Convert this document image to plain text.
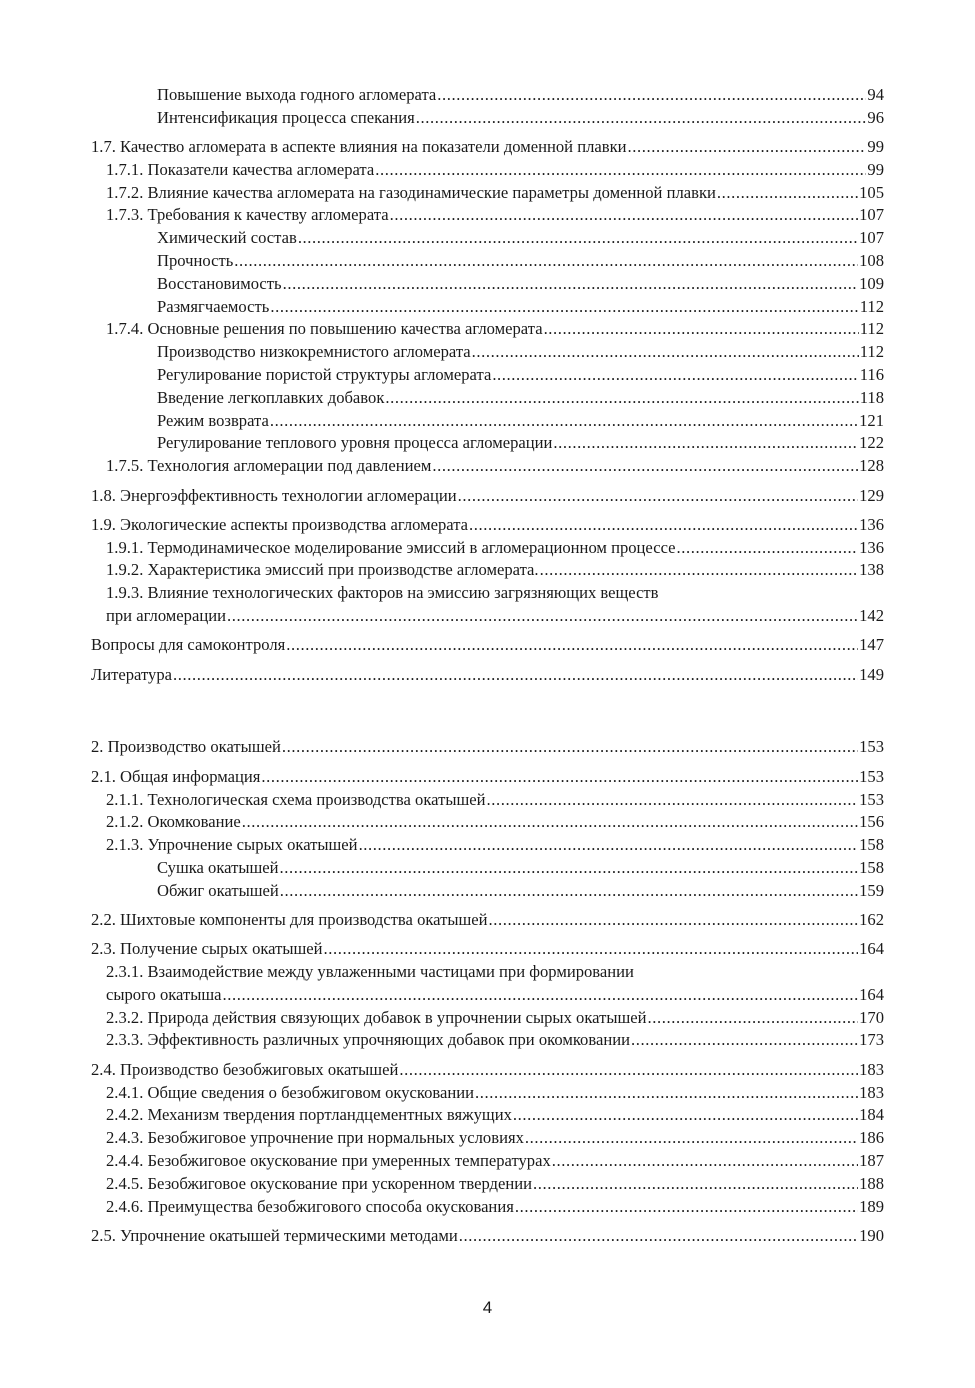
Повышение выхода годного агломерата .....	94
Интенсификация процесса спекания .....	96
1.7. Качество агломерата в аспекте влияния на показатели доменной плавки .....	99
1.7.1. Показатели качества агломерата .....	99
1.7.2. Влияние качества агломерата на газодинамические параметры доменной плавки .....	105
1.7.3. Требования к качеству агломерата .....	107
Химический состав .....	107
Прочность .....	108
Восстановимость .....	109
Размягчаемость .....	112
1.7.4. Основные решения по повышению качества агломерата .....	112
Производство низкокремнистого агломерата .....	112
Регулирование пористой структуры агломерата .....	116
Введение легкоплавких добавок .....	118
Режим возврата .....	121
Регулирование теплового уровня процесса агломерации .....	122
1.7.5. Технология агломерации под давлением .....	128
1.8. Энергоэффективность технологии агломерации .....	129
1.9. Экологические аспекты производства агломерата .....	136
1.9.1. Термодинамическое моделирование эмиссий в агломерационном процессе .....	136
1.9.2. Характеристика эмиссий при производстве агломерата. .....	138
1.9.3. Влияние технологических факторов на эмиссию загрязняющих веществ
при агломерации .....	142
Вопросы для самоконтроля .....	147
Литература .....	149
2. Производство окатышей .....	153
2.1. Общая информация .....	153
2.1.1. Технологическая схема производства окатышей .....	153
2.1.2. Окомкование .....	156
2.1.3. Упрочнение сырых окатышей .....	158
Сушка окатышей .....	158
Обжиг окатышей .....	159
2.2. Шихтовые компоненты для производства окатышей .....	162
2.3. Получение сырых окатышей .....	164
2.3.1. Взаимодействие между увлаженными частицами при формировании
сырого окатыша .....	164
2.3.2. Природа действия связующих добавок в упрочнении сырых окатышей .....	170
2.3.3. Эффективность различных упрочняющих добавок при окомковании .....	173
2.4. Производство безобжиговых окатышей .....	183
2.4.1. Общие сведения о безобжиговом окусковании .....	183
2.4.2. Механизм твердения портландцементных вяжущих .....	184
2.4.3. Безобжиговое упрочнение при нормальных условиях .....	186
2.4.4. Безобжиговое окускование при умеренных температурах .....	187
2.4.5. Безобжиговое окускование при ускоренном твердении .....	188
2.4.6. Преимущества безобжигового способа окускования .....	189
2.5. Упрочнение окатышей термическими методами .....	190
4
